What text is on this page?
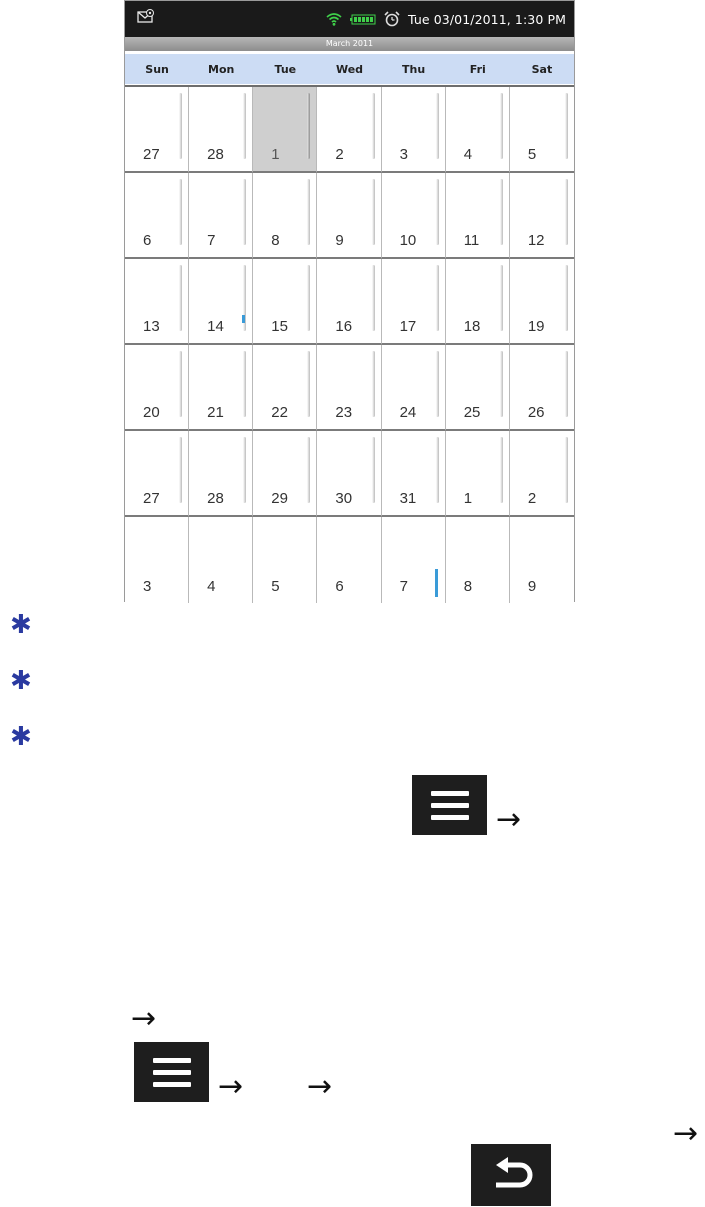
Tue 03/01/2011, 1:30 PM
March 2011
Sun	Mon	Tue	Wed	Thu	Fri	Sat
27	28	1	2	3	4	5
6	7	8	9	10	11	12
13	14	15	16	17	18	19
20	21	22	23	24	25	26
27	28	29	30	31	1	2
3	4	5	6	7	8	9
✱
✱
✱
→
→
→ →
→
